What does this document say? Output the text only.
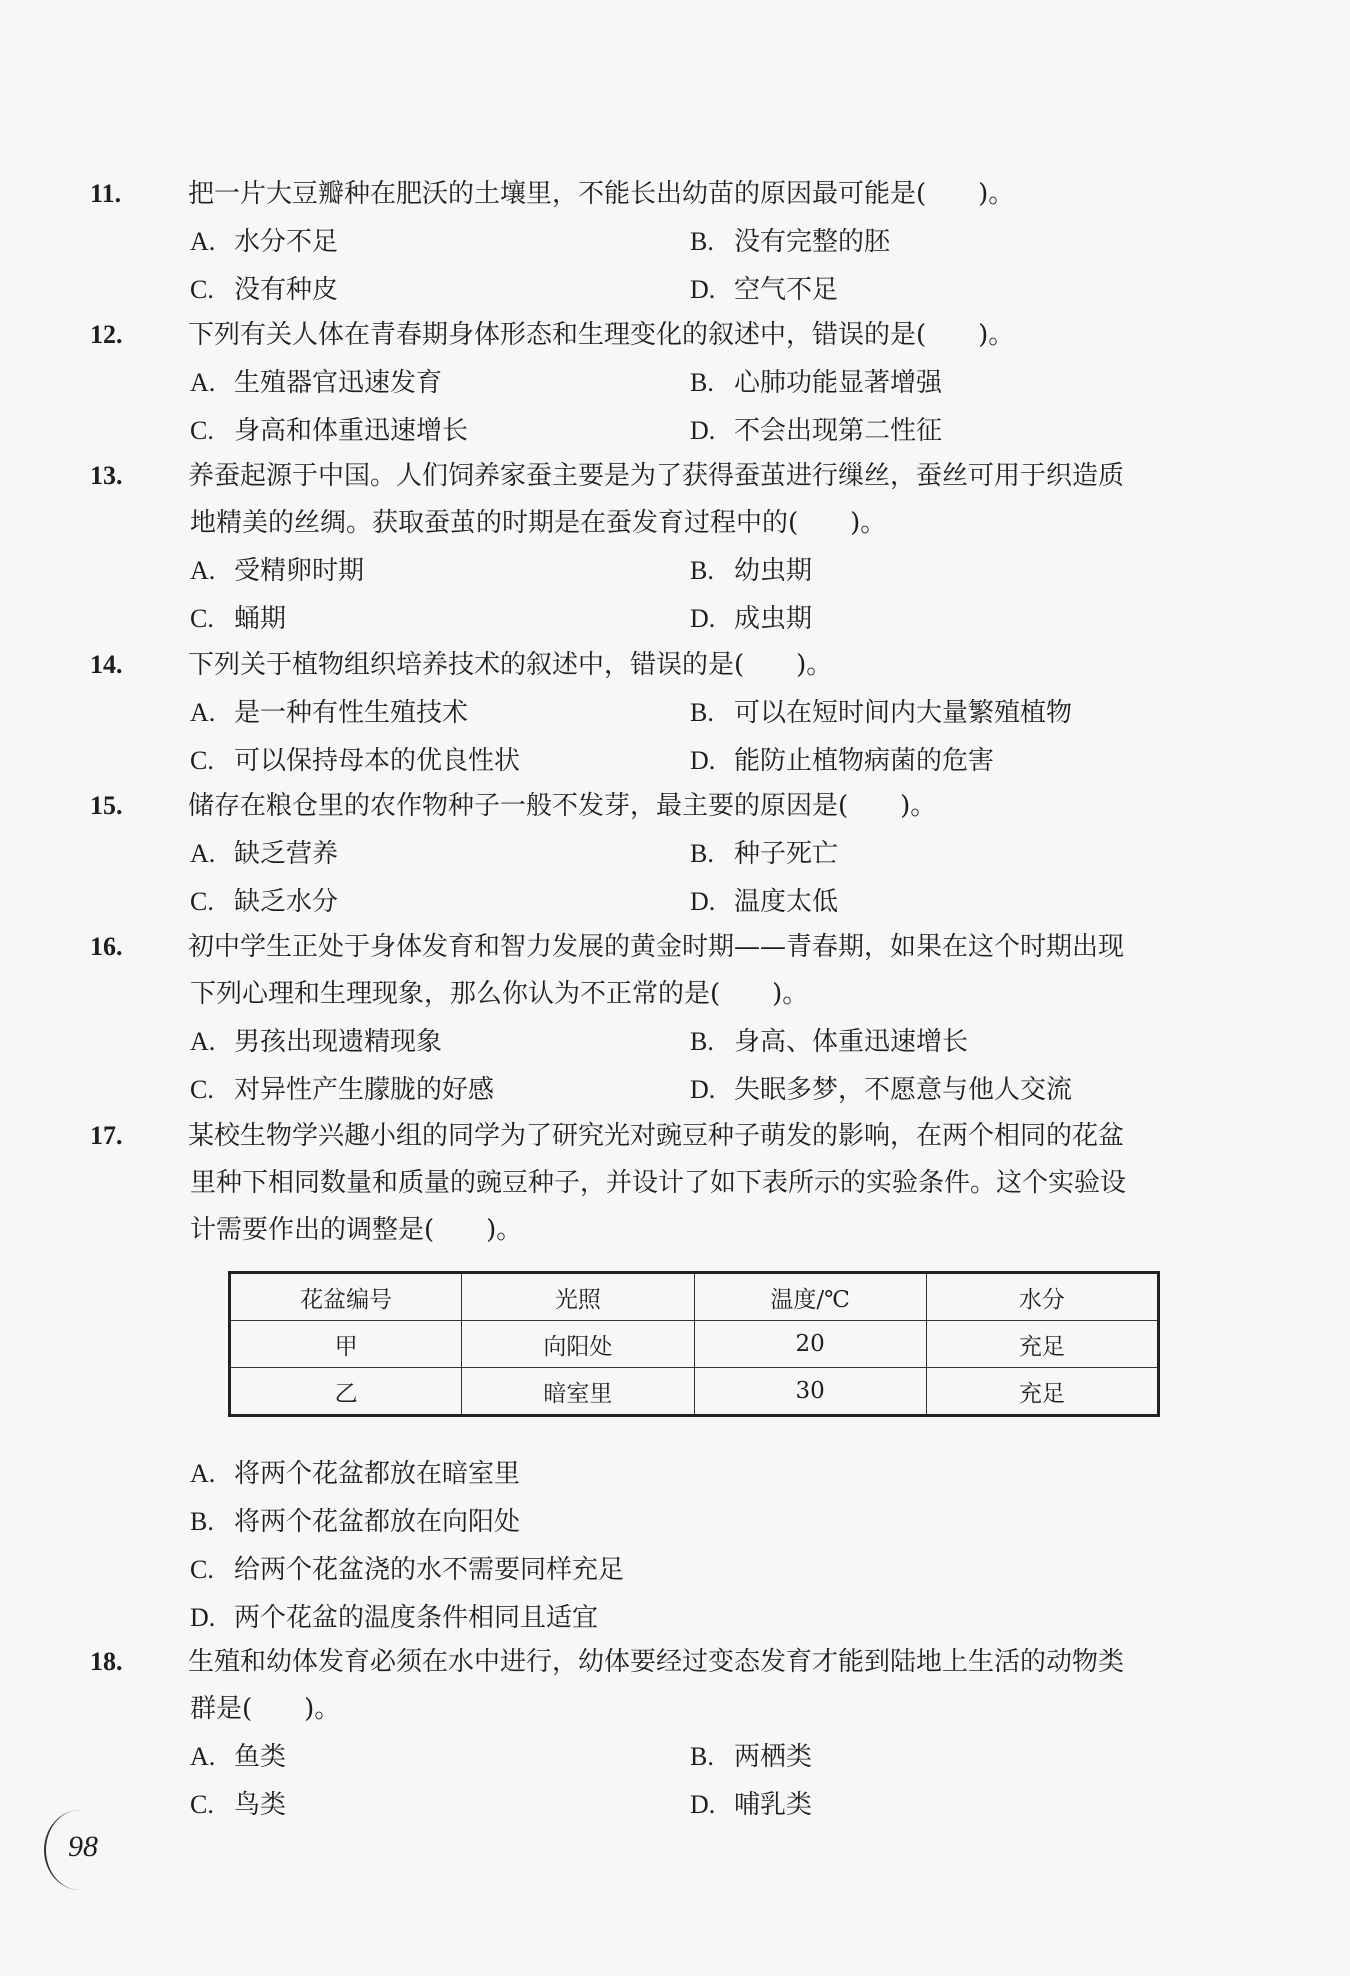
11.	把一片大豆瓣种在肥沃的土壤里，不能长出幼苗的原因最可能是(　　)。
A. 水分不足	B. 没有完整的胚
C. 没有种皮	D. 空气不足
12.	下列有关人体在青春期身体形态和生理变化的叙述中，错误的是(　　)。
A. 生殖器官迅速发育	B. 心肺功能显著增强
C. 身高和体重迅速增长	D. 不会出现第二性征
13.	养蚕起源于中国。人们饲养家蚕主要是为了获得蚕茧进行缫丝，蚕丝可用于织造质
地精美的丝绸。获取蚕茧的时期是在蚕发育过程中的(　　)。
A. 受精卵时期	B. 幼虫期
C. 蛹期	D. 成虫期
14.	下列关于植物组织培养技术的叙述中，错误的是(　　)。
A. 是一种有性生殖技术	B. 可以在短时间内大量繁殖植物
C. 可以保持母本的优良性状	D. 能防止植物病菌的危害
15.	储存在粮仓里的农作物种子一般不发芽，最主要的原因是(　　)。
A. 缺乏营养	B. 种子死亡
C. 缺乏水分	D. 温度太低
16.	初中学生正处于身体发育和智力发展的黄金时期——青春期，如果在这个时期出现
下列心理和生理现象，那么你认为不正常的是(　　)。
A. 男孩出现遗精现象	B. 身高、体重迅速增长
C. 对异性产生朦胧的好感	D. 失眠多梦，不愿意与他人交流
17.	某校生物学兴趣小组的同学为了研究光对豌豆种子萌发的影响，在两个相同的花盆
里种下相同数量和质量的豌豆种子，并设计了如下表所示的实验条件。这个实验设
计需要作出的调整是(　　)。
花盆编号	光照	温度/℃	水分
甲	向阳处	20	充足
乙	暗室里	30	充足
A. 将两个花盆都放在暗室里
B. 将两个花盆都放在向阳处
C. 给两个花盆浇的水不需要同样充足
D. 两个花盆的温度条件相同且适宜
18.	生殖和幼体发育必须在水中进行，幼体要经过变态发育才能到陆地上生活的动物类
群是(　　)。
A. 鱼类	B. 两栖类
C. 鸟类	D. 哺乳类
98
